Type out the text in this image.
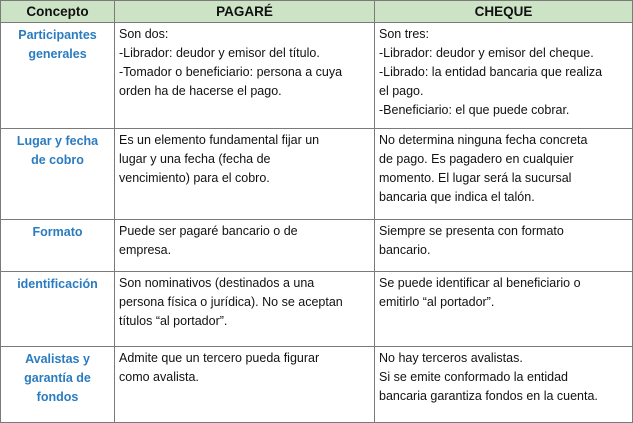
Concepto	PAGARÉ	CHEQUE

Participantes
generales	Son dos:
-Librador: deudor y emisor del título.
-Tomador o beneficiario: persona a cuya
orden ha de hacerse el pago.	Son tres:
-Librador: deudor y emisor del cheque.
-Librado: la entidad bancaria que realiza
el pago.
-Beneficiario: el que puede cobrar.

Lugar y fecha
de cobro	Es un elemento fundamental fijar un
lugar y una fecha (fecha de
vencimiento) para el cobro.	No determina ninguna fecha concreta
de pago. Es pagadero en cualquier
momento. El lugar será la sucursal
bancaria que indica el talón.

Formato	Puede ser pagaré bancario o de
empresa.	Siempre se presenta con formato
bancario.

identificación	Son nominativos (destinados a una
persona física o jurídica). No se aceptan
títulos “al portador”.	Se puede identificar al beneficiario o
emitirlo “al portador”.

Avalistas y
garantía de
fondos	Admite que un tercero pueda figurar
como avalista.	No hay terceros avalistas.
Si se emite conformado la entidad
bancaria garantiza fondos en la cuenta.
